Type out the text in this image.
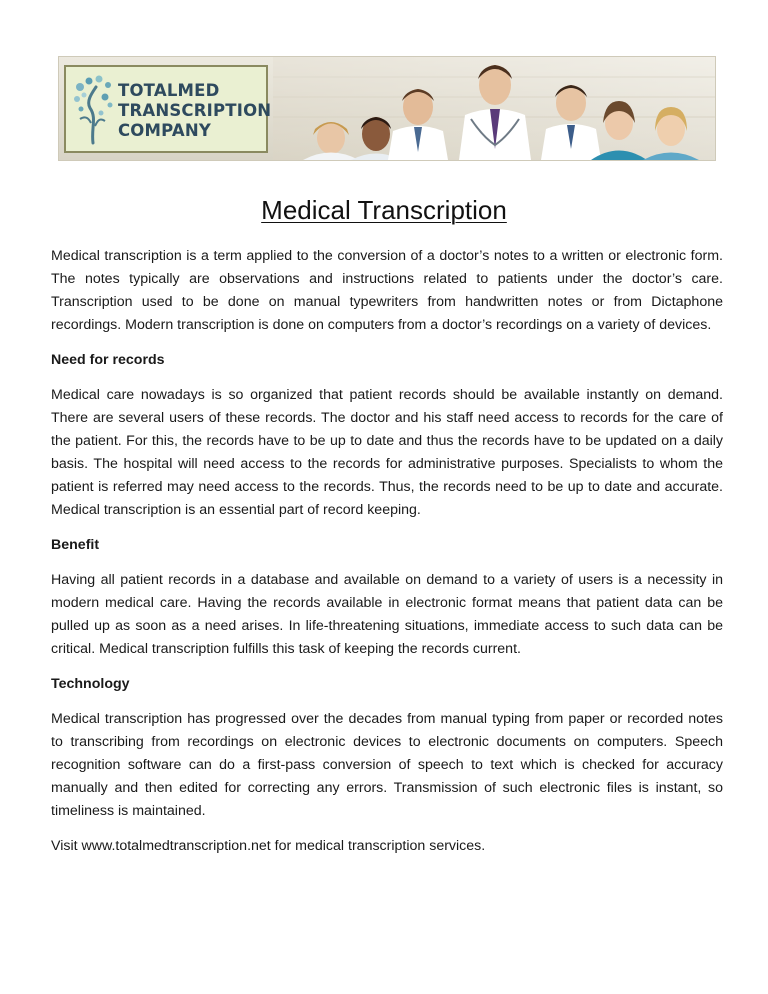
TOTALMED
TRANSCRIPTION
COMPANY
Medical Transcription

Medical transcription is a term applied to the conversion of a doctor’s notes to a written or electronic form. The notes typically are observations and instructions related to patients under the doctor’s care. Transcription used to be done on manual typewriters from handwritten notes or from Dictaphone recordings. Modern transcription is done on computers from a doctor’s recordings on a variety of devices.

Need for records

Medical care nowadays is so organized that patient records should be available instantly on demand. There are several users of these records. The doctor and his staff need access to records for the care of the patient. For this, the records have to be up to date and thus the records have to be updated on a daily basis. The hospital will need access to the records for administrative purposes. Specialists to whom the patient is referred may need access to the records. Thus, the records need to be up to date and accurate. Medical transcription is an essential part of record keeping.

Benefit

Having all patient records in a database and available on demand to a variety of users is a necessity in modern medical care. Having the records available in electronic format means that patient data can be pulled up as soon as a need arises. In life-threatening situations, immediate access to such data can be critical. Medical transcription fulfills this task of keeping the records current.

Technology

Medical transcription has progressed over the decades from manual typing from paper or recorded notes to transcribing from recordings on electronic devices to electronic documents on computers. Speech recognition software can do a first-pass conversion of speech to text which is checked for accuracy manually and then edited for correcting any errors. Transmission of such electronic files is instant, so timeliness is maintained.

Visit www.totalmedtranscription.net for medical transcription services.
